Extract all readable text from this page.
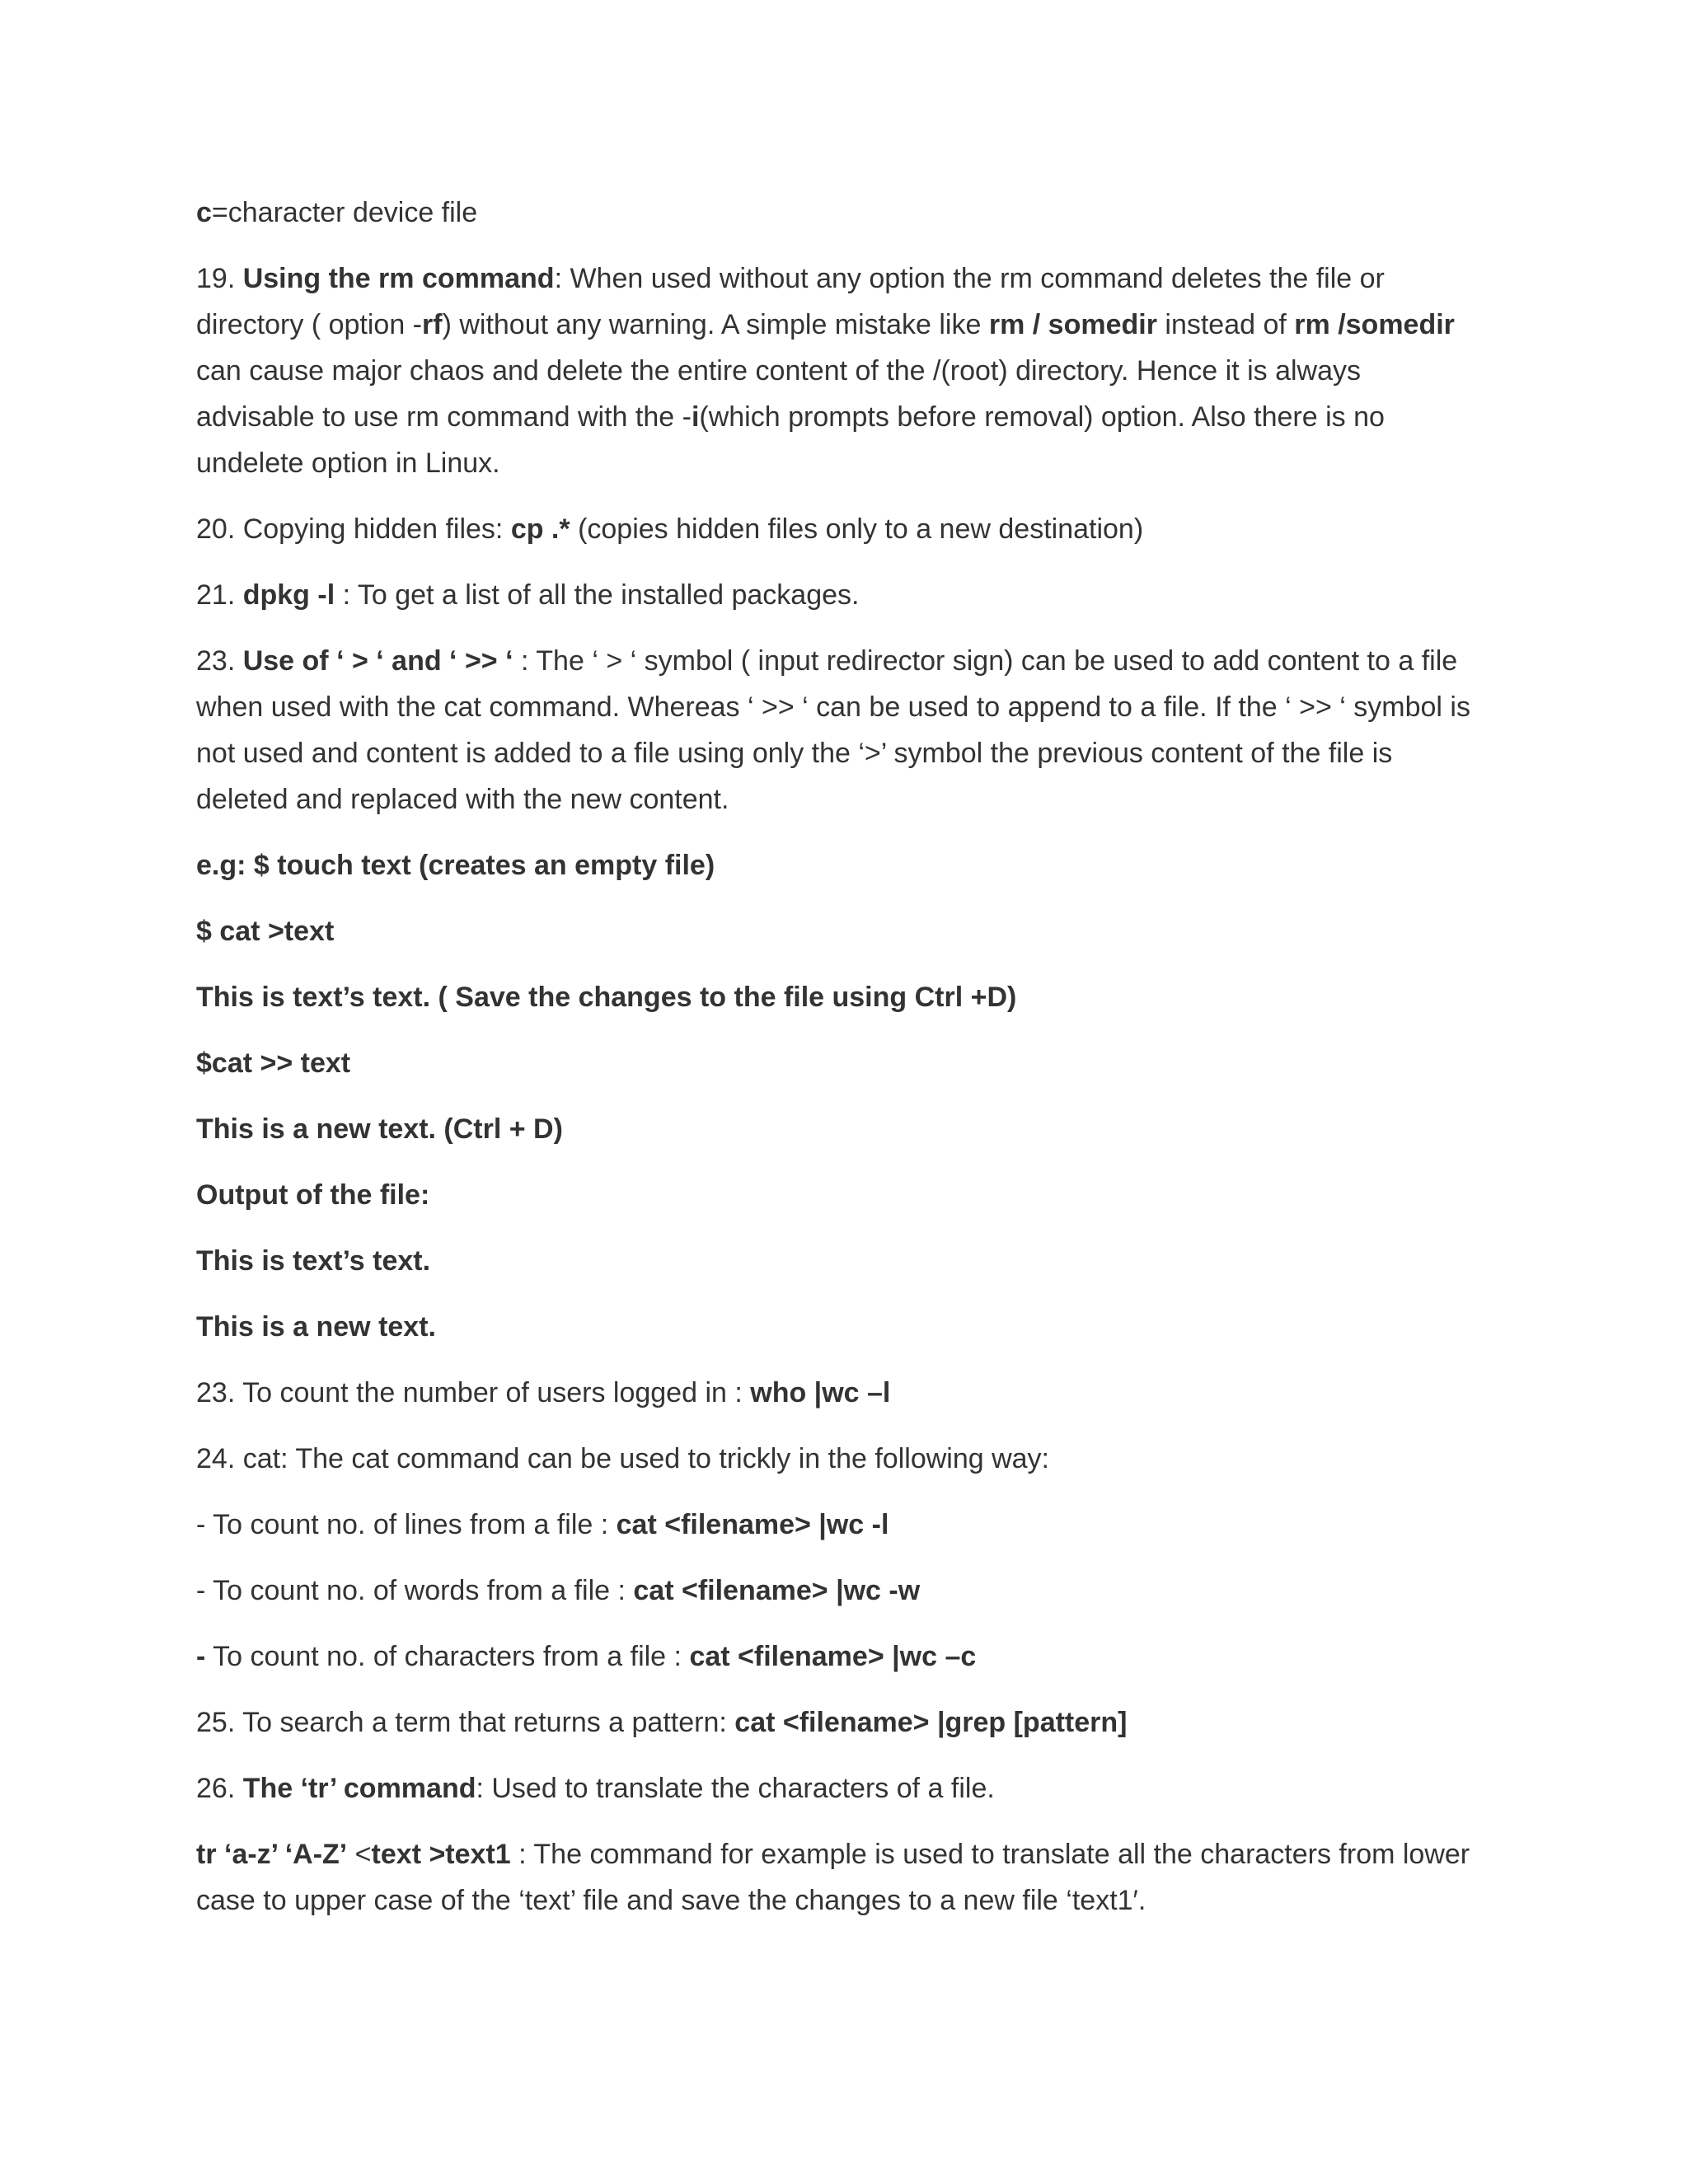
c=character device file

19. Using the rm command: When used without any option the rm command deletes the file or directory ( option -rf) without any warning. A simple mistake like rm / somedir instead of rm /somedir can cause major chaos and delete the entire content of the /(root) directory. Hence it is always advisable to use rm command with the -i(which prompts before removal) option. Also there is no undelete option in Linux.

20. Copying hidden files: cp .* (copies hidden files only to a new destination)

21. dpkg -l : To get a list of all the installed packages.

23. Use of ‘ > ‘ and ‘ >> ‘ : The ‘ > ‘ symbol ( input redirector sign) can be used to add content to a file when used with the cat command. Whereas ‘ >> ‘ can be used to append to a file. If the ‘ >> ‘ symbol is not used and content is added to a file using only the ‘>’ symbol the previous content of the file is deleted and replaced with the new content.

e.g: $ touch text (creates an empty file)

$ cat >text

This is text’s text. ( Save the changes to the file using Ctrl +D)

$cat >> text

This is a new text. (Ctrl + D)

Output of the file:

This is text’s text.

This is a new text.

23. To count the number of users logged in : who |wc –l

24. cat: The cat command can be used to trickly in the following way:

- To count no. of lines from a file : cat <filename> |wc -l

- To count no. of words from a file : cat <filename> |wc -w

- To count no. of characters from a file : cat <filename> |wc –c

25. To search a term that returns a pattern: cat <filename> |grep [pattern]

26. The ‘tr’ command: Used to translate the characters of a file.

tr ‘a-z’ ‘A-Z’ <text >text1 : The command for example is used to translate all the characters from lower case to upper case of the ‘text’ file and save the changes to a new file ‘text1′.
